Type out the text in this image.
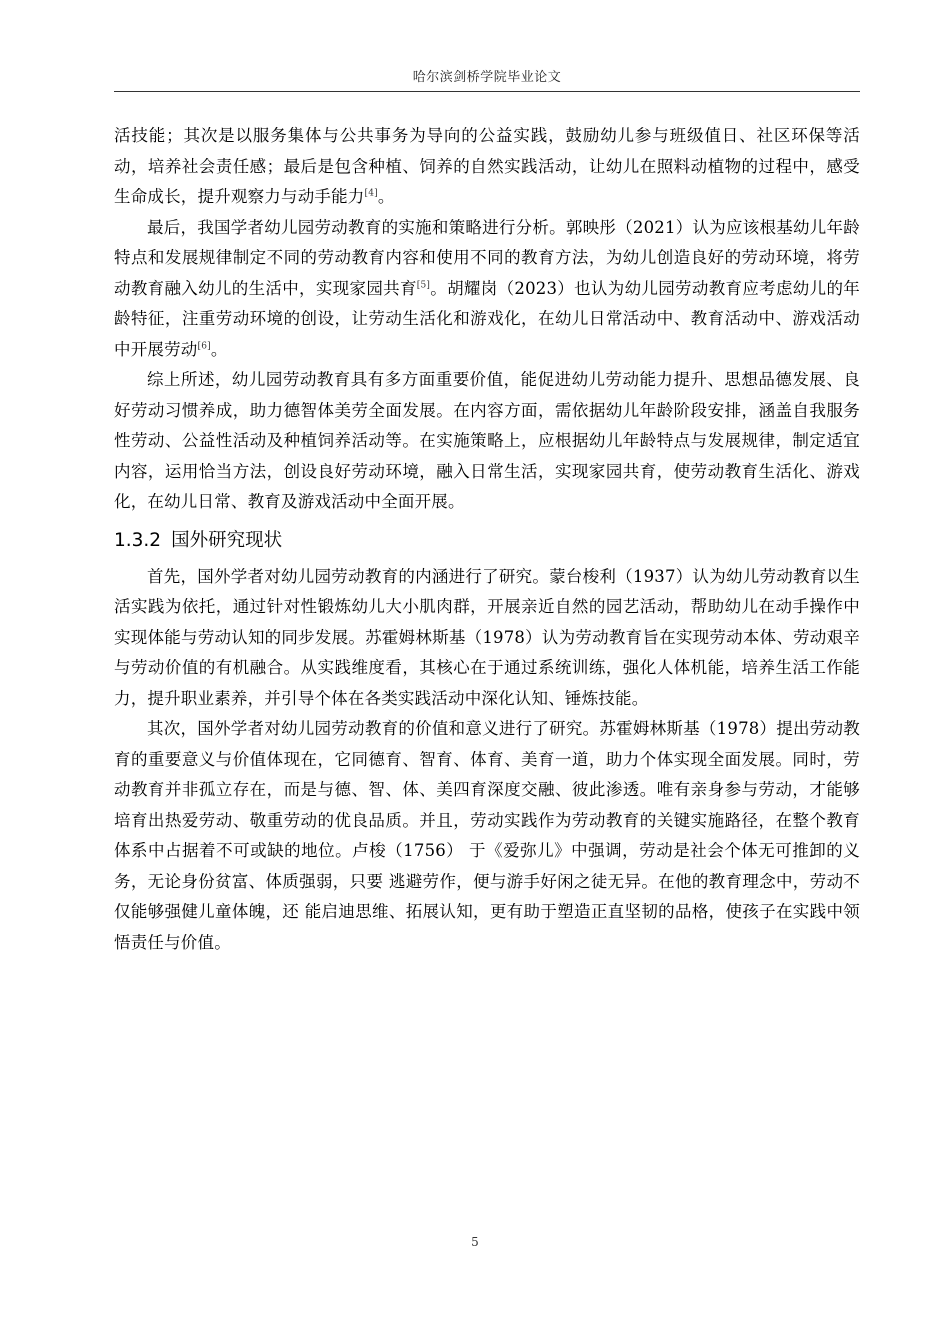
哈尔滨剑桥学院毕业论文

活技能；其次是以服务集体与公共事务为导向的公益实践，鼓励幼儿参与班级值日、社区环保等活动，培养社会责任感；最后是包含种植、饲养的自然实践活动，让幼儿在照料动植物的过程中，感受生命成长，提升观察力与动手能力[4]。

最后，我国学者幼儿园劳动教育的实施和策略进行分析。郭映彤（2021）认为应该根基幼儿年龄特点和发展规律制定不同的劳动教育内容和使用不同的教育方法，为幼儿创造良好的劳动环境，将劳动教育融入幼儿的生活中，实现家园共育[5]。胡耀岗（2023）也认为幼儿园劳动教育应考虑幼儿的年龄特征，注重劳动环境的创设，让劳动生活化和游戏化，在幼儿日常活动中、教育活动中、游戏活动中开展劳动[6]。

综上所述，幼儿园劳动教育具有多方面重要价值，能促进幼儿劳动能力提升、思想品德发展、良好劳动习惯养成，助力德智体美劳全面发展。在内容方面，需依据幼儿年龄阶段安排，涵盖自我服务性劳动、公益性活动及种植饲养活动等。在实施策略上，应根据幼儿年龄特点与发展规律，制定适宜内容，运用恰当方法，创设良好劳动环境，融入日常生活，实现家园共育，使劳动教育生活化、游戏化，在幼儿日常、教育及游戏活动中全面开展。

1.3.2 国外研究现状

首先，国外学者对幼儿园劳动教育的内涵进行了研究。蒙台梭利（1937）认为幼儿劳动教育以生活实践为依托，通过针对性锻炼幼儿大小肌肉群，开展亲近自然的园艺活动，帮助幼儿在动手操作中实现体能与劳动认知的同步发展。苏霍姆林斯基（1978）认为劳动教育旨在实现劳动本体、劳动艰辛与劳动价值的有机融合。从实践维度看，其核心在于通过系统训练，强化人体机能，培养生活工作能力，提升职业素养，并引导个体在各类实践活动中深化认知、锤炼技能。

其次，国外学者对幼儿园劳动教育的价值和意义进行了研究。苏霍姆林斯基（1978）提出劳动教育的重要意义与价值体现在，它同德育、智育、体育、美育一道，助力个体实现全面发展。同时，劳动教育并非孤立存在，而是与德、智、体、美四育深度交融、彼此渗透。唯有亲身参与劳动，才能够培育出热爱劳动、敬重劳动的优良品质。并且，劳动实践作为劳动教育的关键实施路径，在整个教育体系中占据着不可或缺的地位。卢梭（1756） 于《爱弥儿》中强调，劳动是社会个体无可推卸的义务，无论身份贫富、体质强弱，只要 逃避劳作，便与游手好闲之徒无异。在他的教育理念中，劳动不仅能够强健儿童体魄，还 能启迪思维、拓展认知，更有助于塑造正直坚韧的品格，使孩子在实践中领悟责任与价值。

5
